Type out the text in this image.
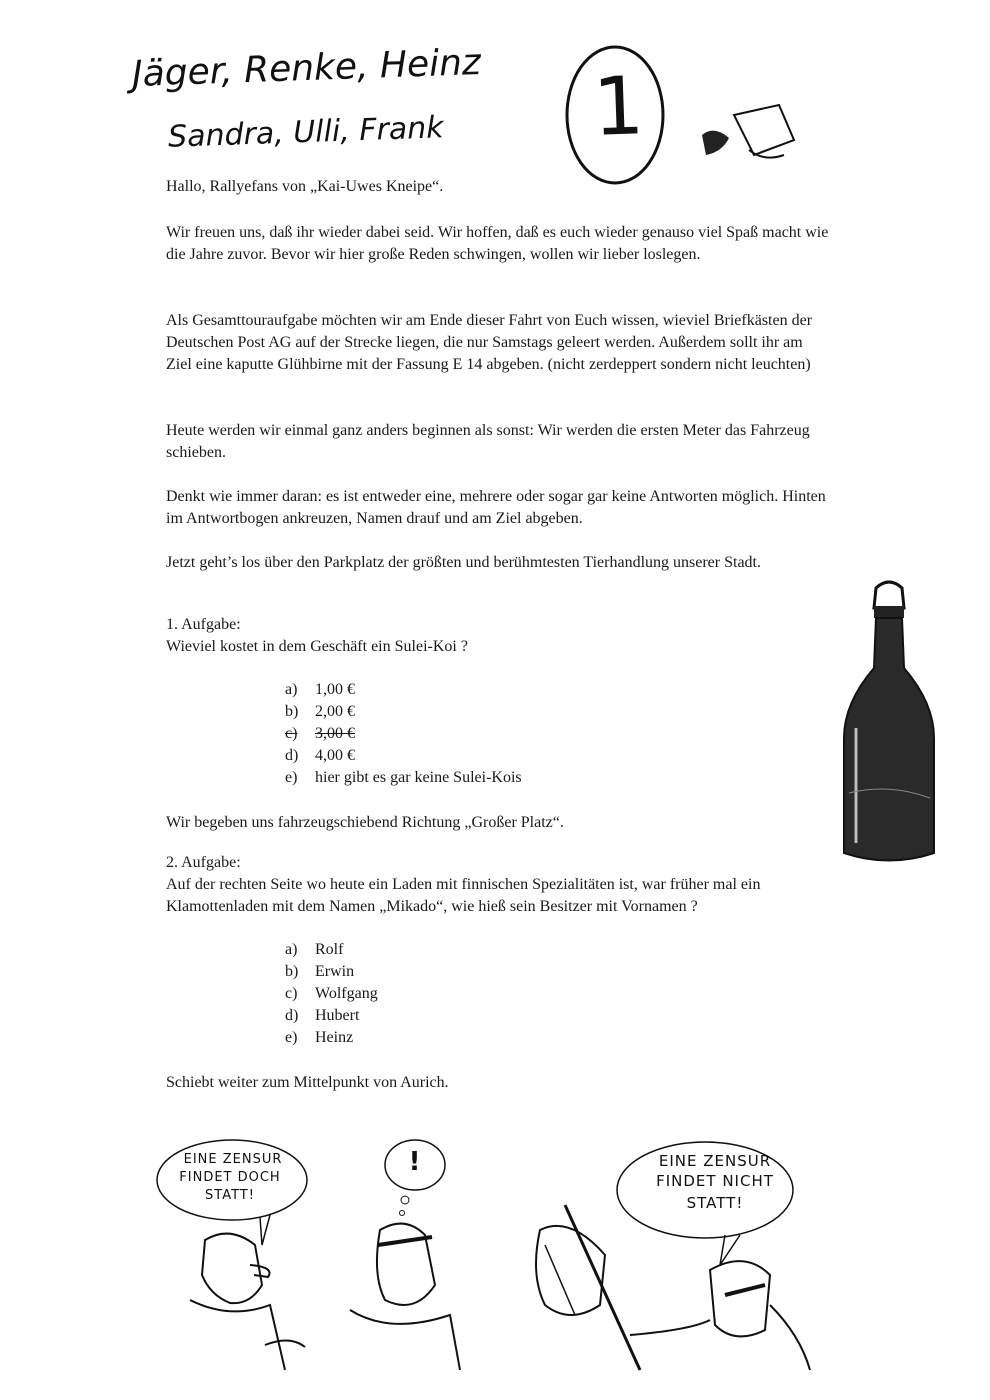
Jäger, Renke, Heinz
Sandra, Ulli, Frank 1
Hallo, Rallyefans von „Kai-Uwes Kneipe“.
Wir freuen uns, daß ihr wieder dabei seid. Wir hoffen, daß es euch wieder genauso viel Spaß macht wie die Jahre zuvor. Bevor wir hier große Reden schwingen, wollen wir lieber loslegen.
Als Gesamttouraufgabe möchten wir am Ende dieser Fahrt von Euch wissen, wieviel Briefkästen der Deutschen Post AG auf der Strecke liegen, die nur Samstags geleert werden. Außerdem sollt ihr am Ziel eine kaputte Glühbirne mit der Fassung E 14 abgeben. (nicht zerdeppert sondern nicht leuchten)
Heute werden wir einmal ganz anders beginnen als sonst: Wir werden die ersten Meter das Fahrzeug schieben.
Denkt wie immer daran: es ist entweder eine, mehrere oder sogar gar keine Antworten möglich. Hinten im Antwortbogen ankreuzen, Namen drauf und am Ziel abgeben.
Jetzt geht’s los über den Parkplatz der größten und berühmtesten Tierhandlung unserer Stadt.
1. Aufgabe:
Wieviel kostet in dem Geschäft ein Sulei-Koi ?
a)	1,00 €
b)	2,00 €
c)	3,00 €
d)	4,00 €
e)	hier gibt es gar keine Sulei-Kois
Wir begeben uns fahrzeugschiebend Richtung „Großer Platz“.
2. Aufgabe:
Auf der rechten Seite wo heute ein Laden mit finnischen Spezialitäten ist, war früher mal ein Klamottenladen mit dem Namen „Mikado“, wie hieß sein Besitzer mit Vornamen ?
a)	Rolf
b)	Erwin
c)	Wolfgang
d)	Hubert
e)	Heinz
Schiebt weiter zum Mittelpunkt von Aurich.
EINE ZENSUR
FINDET DOCH
STATT!
!	EINE ZENSUR
FINDET NICHT
STATT!
